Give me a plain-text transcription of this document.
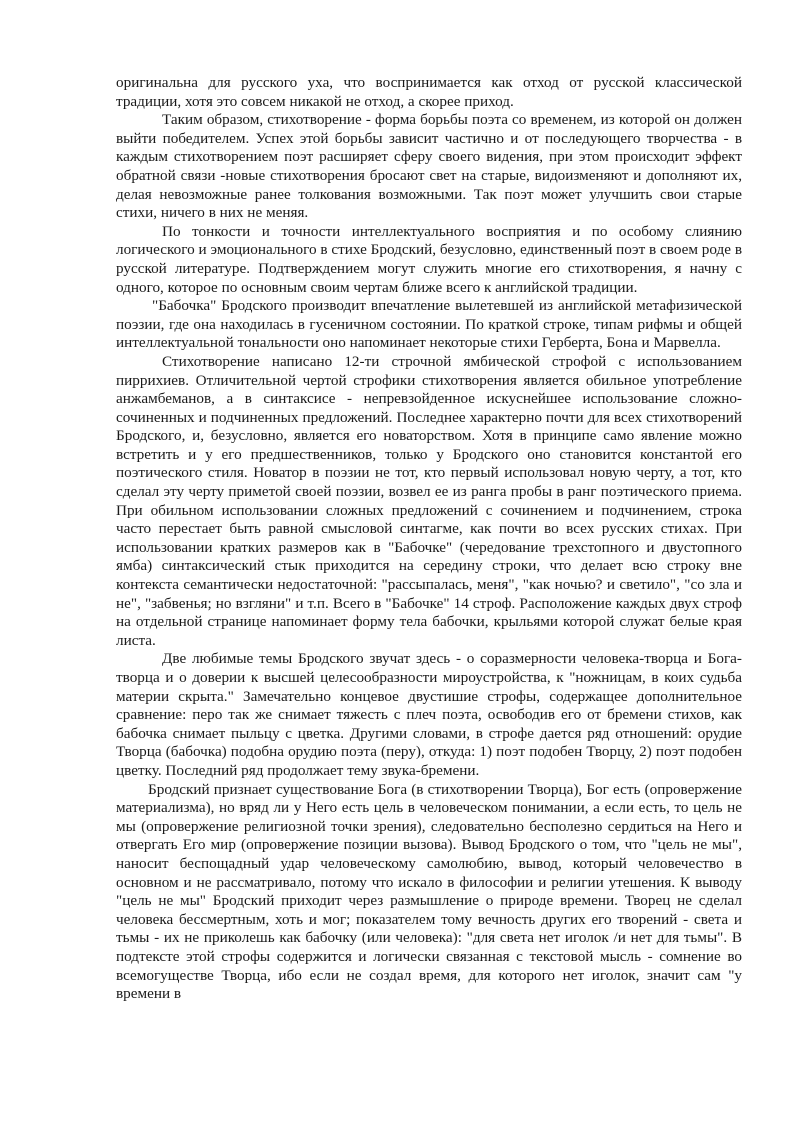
оригинальна для русского уха, что воспринимается как отход от русской классической традиции, хотя это совсем никакой не отход, а скорее приход.

Таким образом, стихотворение - форма борьбы поэта со временем, из которой он должен выйти победителем. Успех этой борьбы зависит частично и от последующего творчества - в каждым стихотворением поэт расширяет сферу своего видения, при этом происходит эффект обратной связи -новые стихотворения бросают свет на старые, видоизменяют и дополняют их, делая невозможные ранее толкования возможными. Так поэт может улучшить свои старые стихи, ничего в них не меняя.

По тонкости и точности интеллектуального восприятия и по особому слиянию логического и эмоционального в стихе Бродский, безусловно, единственный поэт в своем роде в русской литературе. Подтверждением могут служить многие его стихотворения, я начну с одного, которое по основным своим чертам ближе всего к английской традиции.

"Бабочка" Бродского производит впечатление вылетевшей из английской метафизической поэзии, где она находилась в гусеничном состоянии. По краткой строке, типам рифмы и общей интеллектуальной тональности оно напоминает некоторые стихи Герберта, Бона и Марвелла.

Стихотворение написано 12-ти строчной ямбической строфой с использованием пиррихиев. Отличительной чертой строфики стихотворения является обильное употребление анжамбеманов, а в синтаксисе - непревзойденное искуснейшее использование сложно-сочиненных и подчиненных предложений. Последнее характерно почти для всех стихотворений Бродского, и, безусловно, является его новаторством. Хотя в принципе само явление можно встретить и у его предшественников, только у Бродского оно становится константой его поэтического стиля. Новатор в поэзии не тот, кто первый использовал новую черту, а тот, кто сделал эту черту приметой своей поэзии, возвел ее из ранга пробы в ранг поэтического приема. При обильном использовании сложных предложений с сочинением и подчинением, строка часто перестает быть равной смысловой синтагме, как почти во всех русских стихах. При использовании кратких размеров как в "Бабочке" (чередование трехстопного и двустопного ямба) синтаксический стык приходится на середину строки, что делает всю строку вне контекста семантически недостаточной: "рассыпалась, меня", "как ночью? и светило", "со зла и не", "забвенья; но взгляни" и т.п. Всего в "Бабочке" 14 строф. Расположение каждых двух строф на отдельной странице напоминает форму тела бабочки, крыльями которой служат белые края листа.

Две любимые темы Бродского звучат здесь - о соразмерности человека-творца и Бога-творца и о доверии к высшей целесообразности мироустройства, к "ножницам, в коих судьба материи скрыта." Замечательно концевое двустишие строфы, содержащее дополнительное сравнение: перо так же снимает тяжесть с плеч поэта, освободив его от бремени стихов, как бабочка снимает пыльцу с цветка. Другими словами, в строфе дается ряд отношений: орудие Творца (бабочка) подобна орудию поэта (перу), откуда: 1) поэт подобен Творцу, 2) поэт подобен цветку. Последний ряд продолжает тему звука-бремени.

Бродский признает существование Бога (в стихотворении Творца), Бог есть (опровержение материализма), но вряд ли у Него есть цель в человеческом понимании, а если есть, то цель не мы (опровержение религиозной точки зрения), следовательно бесполезно сердиться на Него и отвергать Его мир (опровержение позиции вызова). Вывод Бродского о том, что "цель не мы", наносит беспощадный удар человеческому самолюбию, вывод, который человечество в основном и не рассматривало, потому что искало в философии и религии утешения. К выводу "цель не мы" Бродский приходит через размышление о природе времени. Творец не сделал человека бессмертным, хоть и мог; показателем тому вечность других его творений - света и тьмы - их не приколешь как бабочку (или человека): "для света нет иголок /и нет для тьмы". В подтексте этой строфы содержится и логически связанная с текстовой мысль - сомнение во всемогуществе Творца, ибо если не создал время, для которого нет иголок, значит сам "у времени в
